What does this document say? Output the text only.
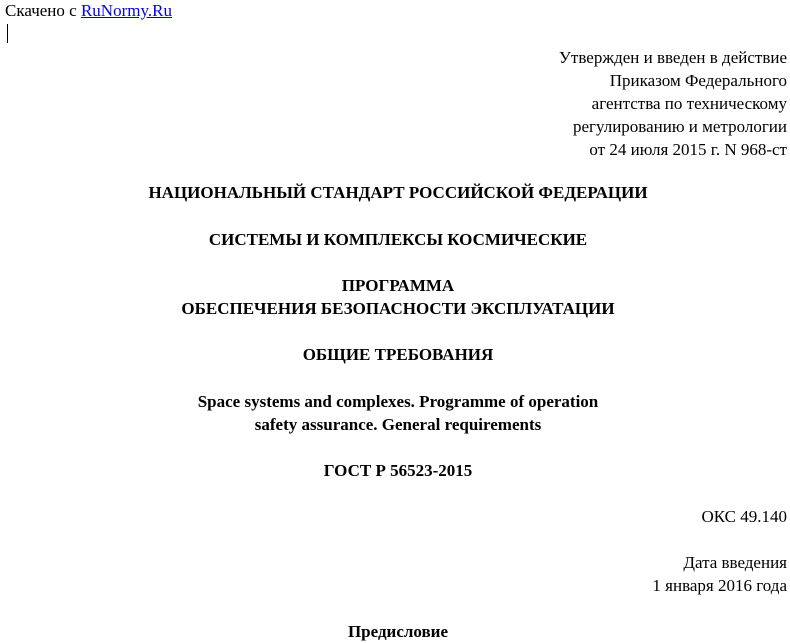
Скачено с RuNormy.Ru
Утвержден и введен в действие
Приказом Федерального
агентства по техническому
регулированию и метрологии
от 24 июля 2015 г. N 968-ст
НАЦИОНАЛЬНЫЙ СТАНДАРТ РОССИЙСКОЙ ФЕДЕРАЦИИ
СИСТЕМЫ И КОМПЛЕКСЫ КОСМИЧЕСКИЕ
ПРОГРАММА
ОБЕСПЕЧЕНИЯ БЕЗОПАСНОСТИ ЭКСПЛУАТАЦИИ
ОБЩИЕ ТРЕБОВАНИЯ
Space systems and complexes. Programme of operation
safety assurance. General requirements
ГОСТ Р 56523-2015
ОКС 49.140
Дата введения
1 января 2016 года
Предисловие
